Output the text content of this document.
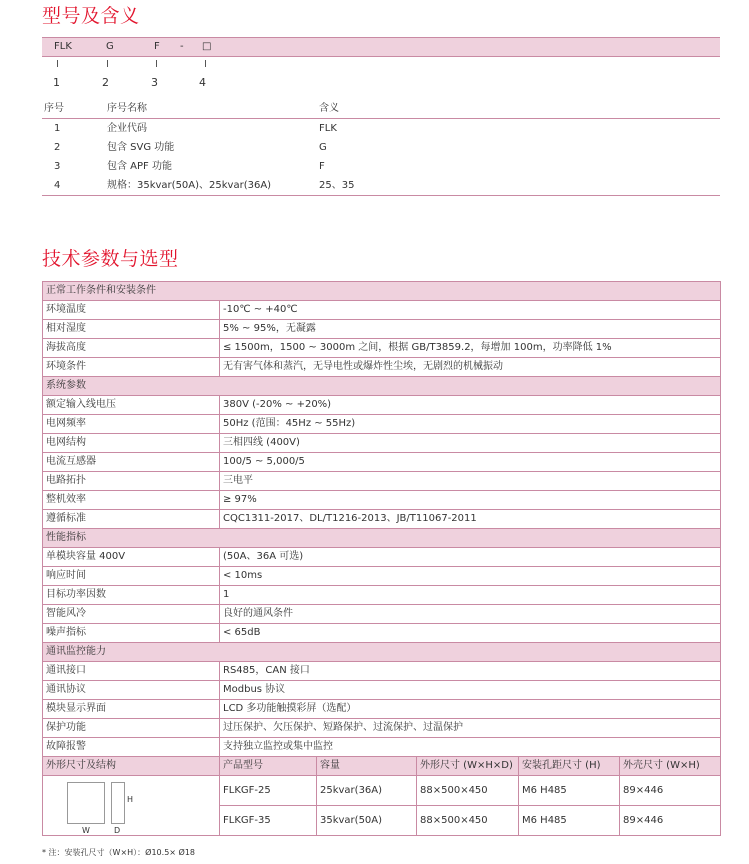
型号及含义
FLK	G	F - □
1	2	3	4
序号	序号名称	含义
1	企业代码	FLK
2	包含 SVG 功能	G
3	包含 APF 功能	F
4	规格：35kvar(50A)、25kvar(36A)	25、35
技术参数与选型
正常工作条件和安装条件					
环境温度	-10℃ ~ +40℃				
相对湿度	5% ~ 95%，无凝露				
海拔高度	≤ 1500m，1500 ~ 3000m 之间，根据 GB/T3859.2，每增加 100m，功率降低 1%				
环境条件	无有害气体和蒸汽，无导电性或爆炸性尘埃，无剧烈的机械振动				
系统参数					
额定输入线电压	380V (-20% ~ +20%)				
电网频率	50Hz (范围：45Hz ~ 55Hz)				
电网结构	三相四线 (400V)				
电流互感器	100/5 ~ 5,000/5				
电路拓扑	三电平				
整机效率	≥ 97%				
遵循标准	CQC1311-2017、DL/T1216-2013、JB/T11067-2011				
性能指标					
单模块容量 400V	(50A、36A 可选)				
响应时间	< 10ms				
目标功率因数	1				
智能风冷	良好的通风条件				
噪声指标	< 65dB				
通讯监控能力					
通讯接口	RS485，CAN 接口				
通讯协议	Modbus 协议				
模块显示界面	LCD 多功能触摸彩屏（选配）				
保护功能	过压保护、欠压保护、短路保护、过流保护、过温保护				
故障报警	支持独立监控或集中监控				
外形尺寸及结构	产品型号	容量	外形尺寸 (W×H×D)	安装孔距尺寸 (H)	外壳尺寸 (W×H)

H
W D	FLKGF-25	25kvar(36A)	88×500×450	M6 H485	89×446
	FLKGF-35	35kvar(50A)	88×500×450	M6 H485	89×446
* 注：安装孔尺寸（W×H）：Ø10.5× Ø18
